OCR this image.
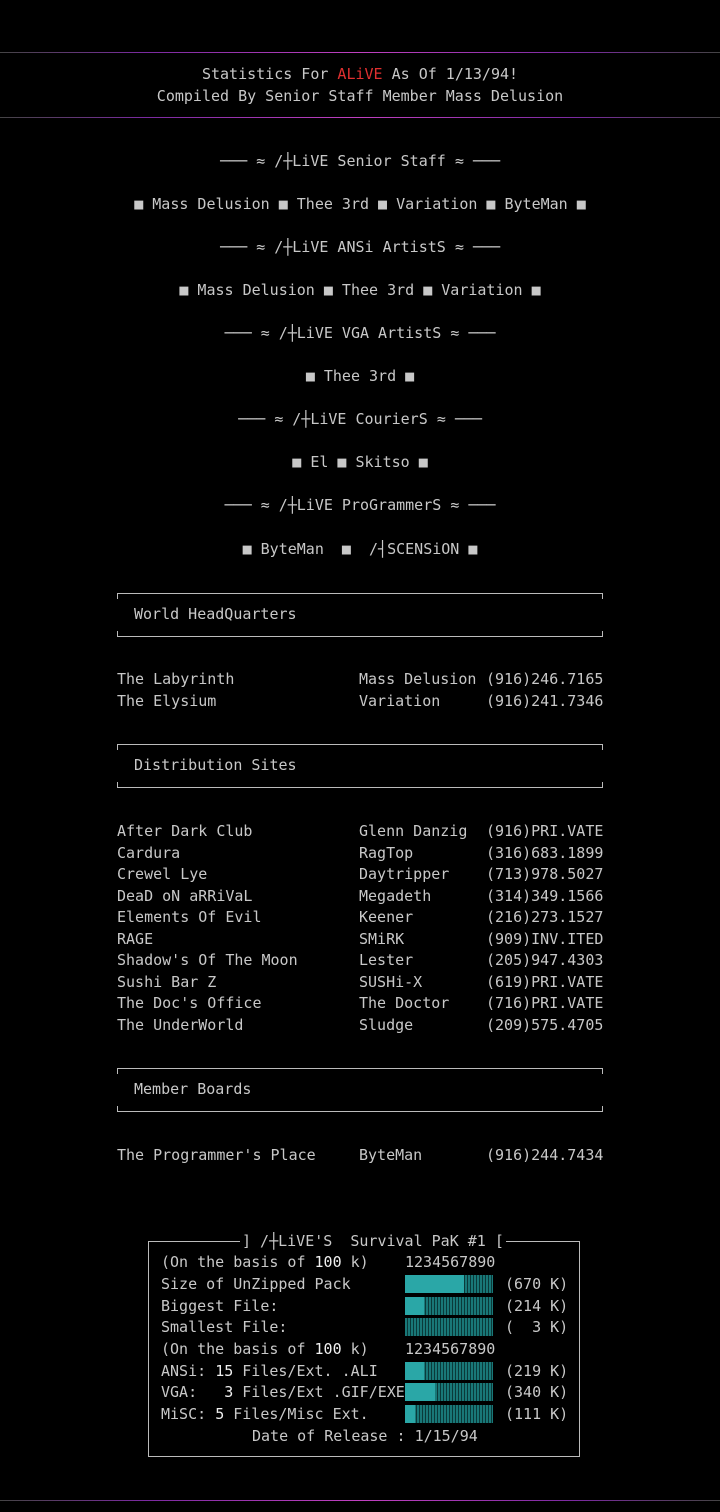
Statistics For ALiVE As Of 1/13/94!
Compiled By Senior Staff Member Mass Delusion
─── ≈ /┼LiVE Senior Staff ≈ ───
■ Mass Delusion ■ Thee 3rd ■ Variation ■ ByteMan ■
─── ≈ /┼LiVE ANSi ArtistS ≈ ───
■ Mass Delusion ■ Thee 3rd ■ Variation ■
─── ≈ /┼LiVE VGA ArtistS ≈ ───
■ Thee 3rd ■
─── ≈ /┼LiVE CourierS ≈ ───
■ El ■ Skitso ■
─── ≈ /┼LiVE ProGrammerS ≈ ───
■ ByteMan  ■  /┤SCENSiON ■
World HeadQuarters
The Labyrinth	Mass Delusion (916)246.7165
The Elysium	Variation	(916)241.7346
Distribution Sites
After Dark Club	Glenn Danzig (916)PRI.VATE
Cardura	RagTop	(316)683.1899
Crewel Lye	Daytripper (713)978.5027
DeaD oN aRRiVaL	Megadeth	(314)349.1566
Elements Of Evil	Keener	(216)273.1527
RAGE	SMiRK	(909)INV.ITED
Shadow's Of The Moon	Lester	(205)947.4303
Sushi Bar Z	SUSHi-X	(619)PRI.VATE
The Doc's Office	The Doctor (716)PRI.VATE
The UnderWorld	Sludge	(209)575.4705
Member Boards
The Programmer's Place	ByteMan	(916)244.7434
] /┼LiVE'S  Survival PaK #1 [
(On the basis of 100 k) 1234567890
Size of UnZipped Pack	(670 K)
Biggest File:	(214 K)
Smallest File:	(  3 K)
(On the basis of 100 k) 1234567890
ANSi: 15 Files/Ext. .ALI	(219 K)
VGA:   3 Files/Ext .GIF/EXE	(340 K)
MiSC: 5 Files/Misc Ext.	(111 K)
Date of Release : 1/15/94
